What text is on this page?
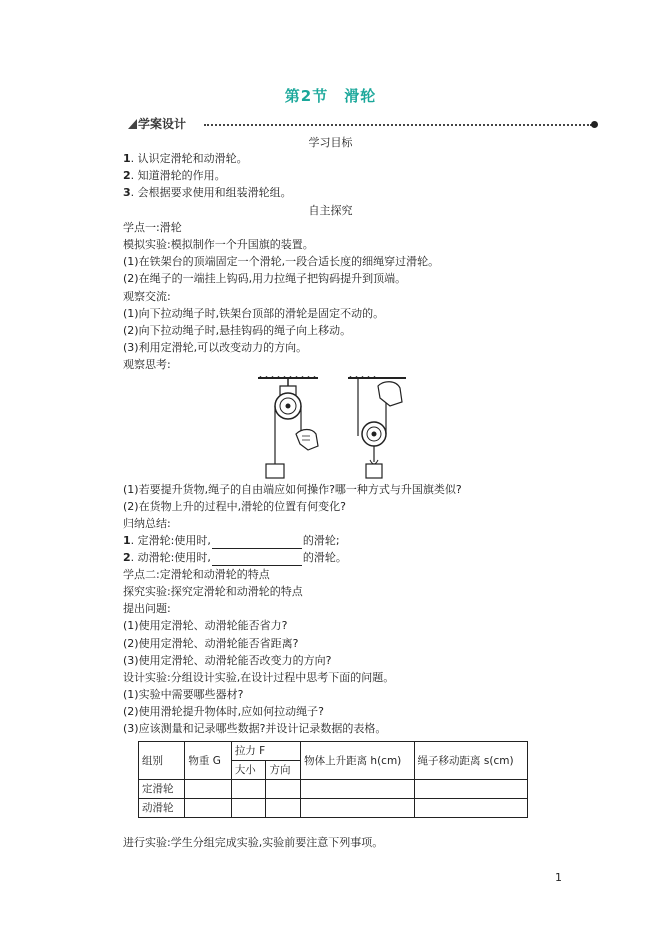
第2节　滑轮
学案设计
学习目标
1. 认识定滑轮和动滑轮。
2. 知道滑轮的作用。
3. 会根据要求使用和组装滑轮组。
自主探究
学点一:滑轮
模拟实验:模拟制作一个升国旗的装置。
(1)在铁架台的顶端固定一个滑轮,一段合适长度的细绳穿过滑轮。
(2)在绳子的一端挂上钩码,用力拉绳子把钩码提升到顶端。
观察交流:
(1)向下拉动绳子时,铁架台顶部的滑轮是固定不动的。
(2)向下拉动绳子时,悬挂钩码的绳子向上移动。
(3)利用定滑轮,可以改变动力的方向。
观察思考:
(1)若要提升货物,绳子的自由端应如何操作?哪一种方式与升国旗类似?
(2)在货物上升的过程中,滑轮的位置有何变化?
归纳总结:
1. 定滑轮:使用时,	的滑轮;
2. 动滑轮:使用时,	的滑轮。
学点二:定滑轮和动滑轮的特点
探究实验:探究定滑轮和动滑轮的特点
提出问题:
(1)使用定滑轮、动滑轮能否省力?
(2)使用定滑轮、动滑轮能否省距离?
(3)使用定滑轮、动滑轮能否改变力的方向?
设计实验:分组设计实验,在设计过程中思考下面的问题。
(1)实验中需要哪些器材?
(2)使用滑轮提升物体时,应如何拉动绳子?
(3)应该测量和记录哪些数据?并设计记录数据的表格。
组别	物重 G	拉力 F		物体上升距离 h(cm)	绳子移动距离 s(cm)
		大小	方向		
定滑轮					
动滑轮					
进行实验:学生分组完成实验,实验前要注意下列事项。
1
